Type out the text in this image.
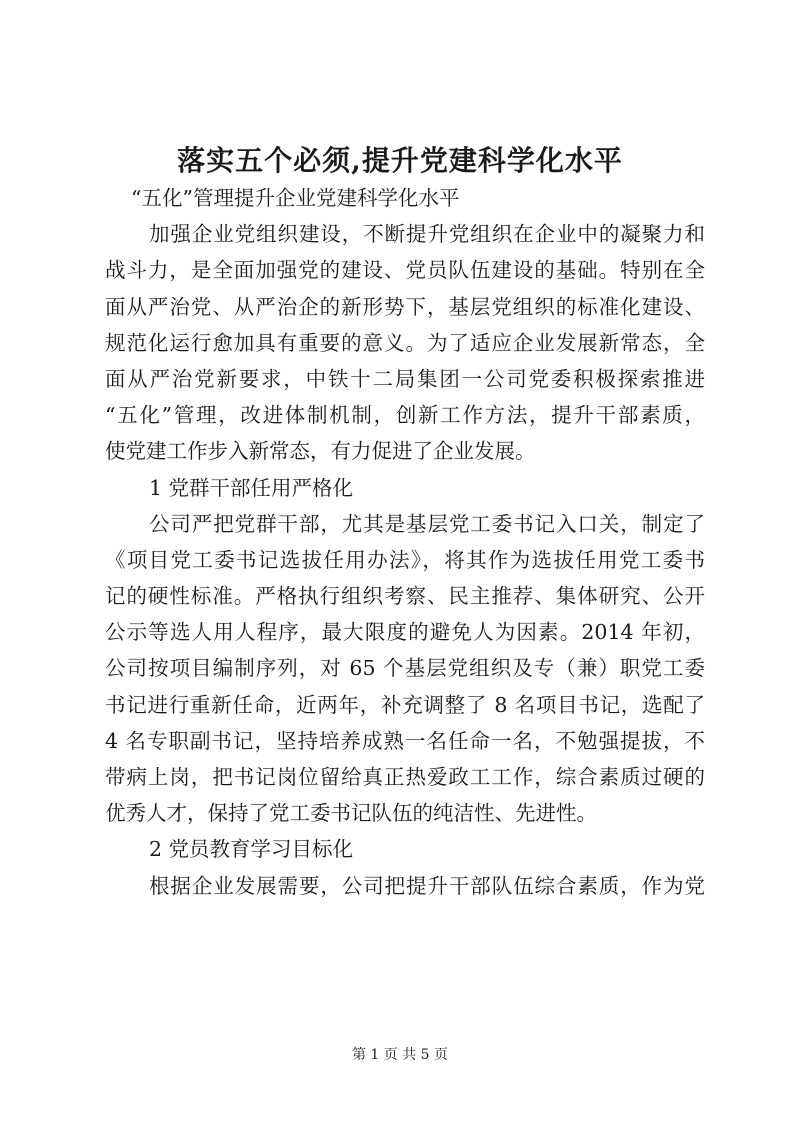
落实五个必须,提升党建科学化水平
“五化”管理提升企业党建科学化水平
加强企业党组织建设，不断提升党组织在企业中的凝聚力和
战斗力，是全面加强党的建设、党员队伍建设的基础。特别在全
面从严治党、从严治企的新形势下，基层党组织的标准化建设、
规范化运行愈加具有重要的意义。为了适应企业发展新常态，全
面从严治党新要求，中铁十二局集团一公司党委积极探索推进
“五化”管理，改进体制机制，创新工作方法，提升干部素质，
使党建工作步入新常态，有力促进了企业发展。
1 党群干部任用严格化
公司严把党群干部，尤其是基层党工委书记入口关，制定了
《项目党工委书记选拔任用办法》，将其作为选拔任用党工委书
记的硬性标准。严格执行组织考察、民主推荐、集体研究、公开
公示等选人用人程序，最大限度的避免人为因素。2014 年初，
公司按项目编制序列，对 65 个基层党组织及专（兼）职党工委
书记进行重新任命，近两年，补充调整了 8 名项目书记，选配了
4 名专职副书记，坚持培养成熟一名任命一名，不勉强提拔，不
带病上岗，把书记岗位留给真正热爱政工工作，综合素质过硬的
优秀人才，保持了党工委书记队伍的纯洁性、先进性。
2 党员教育学习目标化
根据企业发展需要，公司把提升干部队伍综合素质，作为党
第 1 页 共 5 页
